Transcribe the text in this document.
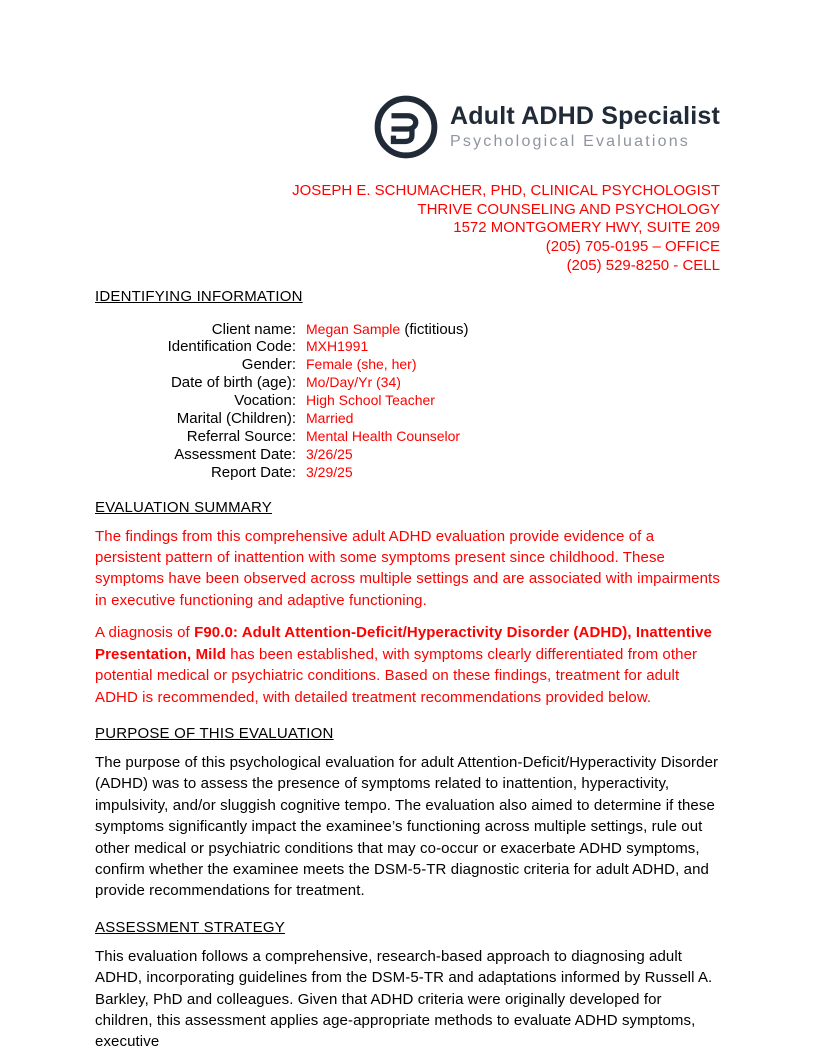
Adult ADHD Specialist
Psychological Evaluations
JOSEPH E. SCHUMACHER, PHD, CLINICAL PSYCHOLOGIST
THRIVE COUNSELING AND PSYCHOLOGY
1572 MONTGOMERY HWY, SUITE 209
(205) 705-0195 – OFFICE
(205) 529-8250 - CELL
IDENTIFYING INFORMATION
Client name: Megan Sample (fictitious)
Identification Code: MXH1991
Gender: Female (she, her)
Date of birth (age): Mo/Day/Yr (34)
Vocation: High School Teacher
Marital (Children): Married
Referral Source: Mental Health Counselor
Assessment Date: 3/26/25
Report Date: 3/29/25
EVALUATION SUMMARY

The findings from this comprehensive adult ADHD evaluation provide evidence of a persistent pattern of inattention with some symptoms present since childhood. These symptoms have been observed across multiple settings and are associated with impairments in executive functioning and adaptive functioning.

A diagnosis of F90.0: Adult Attention-Deficit/Hyperactivity Disorder (ADHD), Inattentive Presentation, Mild has been established, with symptoms clearly differentiated from other potential medical or psychiatric conditions. Based on these findings, treatment for adult ADHD is recommended, with detailed treatment recommendations provided below.

PURPOSE OF THIS EVALUATION

The purpose of this psychological evaluation for adult Attention-Deficit/Hyperactivity Disorder (ADHD) was to assess the presence of symptoms related to inattention, hyperactivity, impulsivity, and/or sluggish cognitive tempo. The evaluation also aimed to determine if these symptoms significantly impact the examinee’s functioning across multiple settings, rule out other medical or psychiatric conditions that may co-occur or exacerbate ADHD symptoms, confirm whether the examinee meets the DSM-5-TR diagnostic criteria for adult ADHD, and provide recommendations for treatment.

ASSESSMENT STRATEGY

This evaluation follows a comprehensive, research-based approach to diagnosing adult ADHD, incorporating guidelines from the DSM-5-TR and adaptations informed by Russell A. Barkley, PhD and colleagues. Given that ADHD criteria were originally developed for children, this assessment applies age-appropriate methods to evaluate ADHD symptoms, executive
